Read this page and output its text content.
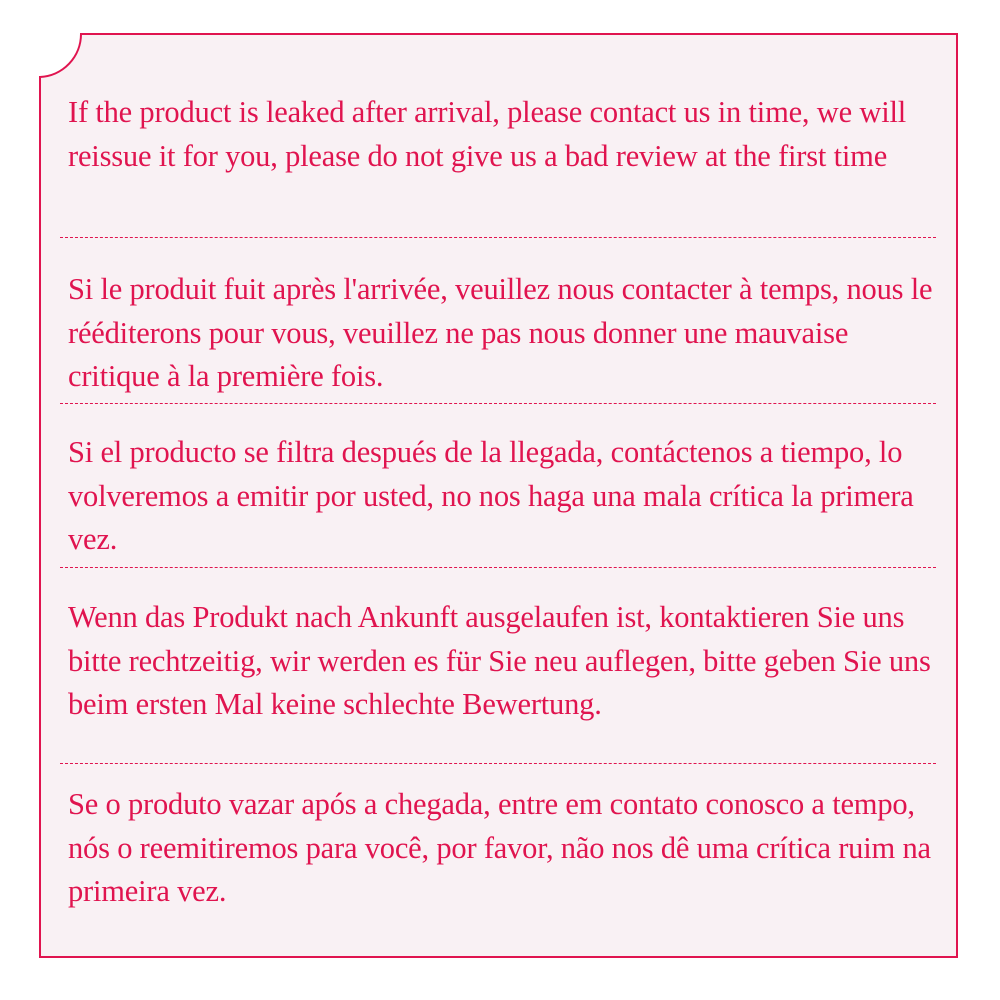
If the product is leaked after arrival, please contact us in time, we will reissue it for you, please do not give us a bad review at the first time

Si le produit fuit après l'arrivée, veuillez nous contacter à temps, nous le rééditerons pour vous, veuillez ne pas nous donner une mauvaise critique à la première fois.

Si el producto se filtra después de la llegada, contáctenos a tiempo, lo volveremos a emitir por usted, no nos haga una mala crítica la primera vez.

Wenn das Produkt nach Ankunft ausgelaufen ist, kontaktieren Sie uns bitte rechtzeitig, wir werden es für Sie neu auflegen, bitte geben Sie uns beim ersten Mal keine schlechte Bewertung.

Se o produto vazar após a chegada, entre em contato conosco a tempo, nós o reemitiremos para você, por favor, não nos dê uma crítica ruim na primeira vez.
